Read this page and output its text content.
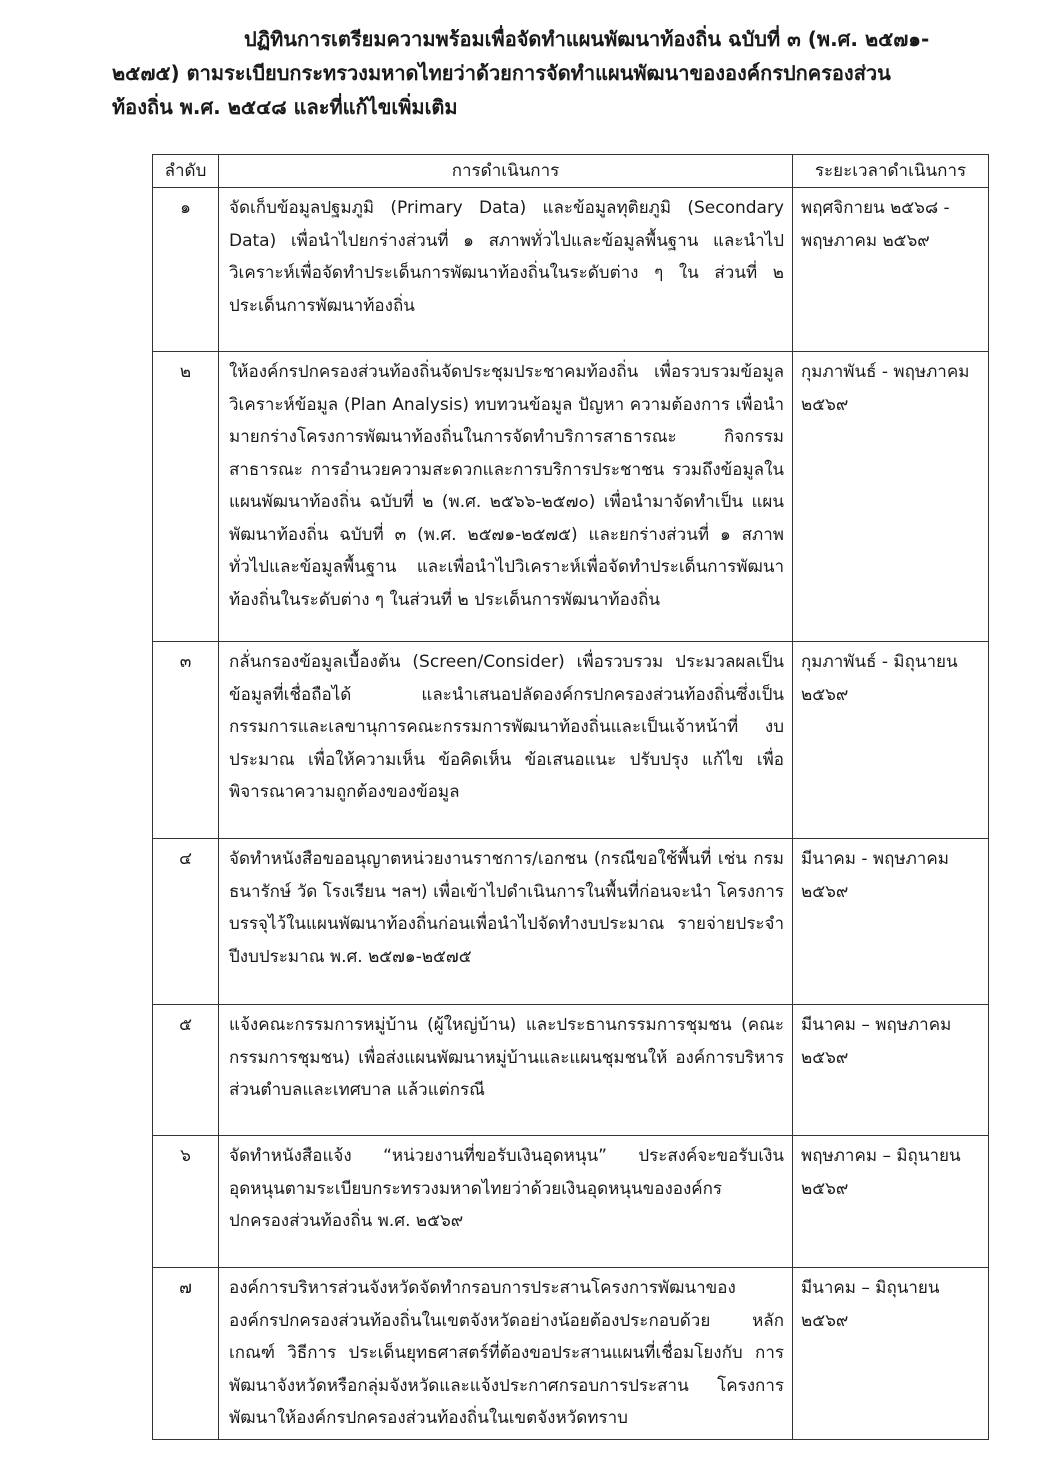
ปฏิทินการเตรียมความพร้อมเพื่อจัดทำแผนพัฒนาท้องถิ่น ฉบับที่ ๓ (พ.ศ. ๒๕๗๑-
๒๕๗๕) ตามระเบียบกระทรวงมหาดไทยว่าด้วยการจัดทำแผนพัฒนาขององค์กรปกครองส่วน
ท้องถิ่น พ.ศ. ๒๕๔๘ และที่แก้ไขเพิ่มเติม
ลำดับ	การดำเนินการ	ระยะเวลาดำเนินการ
๑	จัดเก็บข้อมูลปฐมภูมิ (Primary Data) และข้อมูลทุติยภูมิ (Secondary Data) เพื่อนำไปยกร่างส่วนที่ ๑ สภาพทั่วไปและข้อมูลพื้นฐาน และนำไปวิเคราะห์เพื่อจัดทำประเด็นการพัฒนาท้องถิ่นในระดับต่าง ๆ ใน ส่วนที่ ๒ ประเด็นการพัฒนาท้องถิ่น	พฤศจิกายน ๒๕๖๘ - พฤษภาคม ๒๕๖๙
๒	ให้องค์กรปกครองส่วนท้องถิ่นจัดประชุมประชาคมท้องถิ่น เพื่อรวบรวมข้อมูล วิเคราะห์ข้อมูล (Plan Analysis) ทบทวนข้อมูล ปัญหา ความต้องการ เพื่อนำมายกร่างโครงการพัฒนาท้องถิ่นในการจัดทำบริการสาธารณะ กิจกรรม สาธารณะ การอำนวยความสะดวกและการบริการประชาชน รวมถึงข้อมูลใน แผนพัฒนาท้องถิ่น ฉบับที่ ๒ (พ.ศ. ๒๕๖๖-๒๕๗๐) เพื่อนำมาจัดทำเป็น แผนพัฒนาท้องถิ่น ฉบับที่ ๓ (พ.ศ. ๒๕๗๑-๒๕๗๕) และยกร่างส่วนที่ ๑ สภาพ ทั่วไปและข้อมูลพื้นฐาน และเพื่อนำไปวิเคราะห์เพื่อจัดทำประเด็นการพัฒนา ท้องถิ่นในระดับต่าง ๆ ในส่วนที่ ๒ ประเด็นการพัฒนาท้องถิ่น	กุมภาพันธ์ - พฤษภาคม ๒๕๖๙
๓	กลั่นกรองข้อมูลเบื้องต้น (Screen/Consider) เพื่อรวบรวม ประมวลผลเป็น ข้อมูลที่เชื่อถือได้ และนำเสนอปลัดองค์กรปกครองส่วนท้องถิ่นซึ่งเป็น กรรมการและเลขานุการคณะกรรมการพัฒนาท้องถิ่นและเป็นเจ้าหน้าที่ งบประมาณ เพื่อให้ความเห็น ข้อคิดเห็น ข้อเสนอแนะ ปรับปรุง แก้ไข เพื่อพิจารณาความถูกต้องของข้อมูล	กุมภาพันธ์ - มิถุนายน ๒๕๖๙
๔	จัดทำหนังสือขออนุญาตหน่วยงานราชการ/เอกชน (กรณีขอใช้พื้นที่ เช่น กรมธนารักษ์ วัด โรงเรียน ฯลฯ) เพื่อเข้าไปดำเนินการในพื้นที่ก่อนจะนำ โครงการบรรจุไว้ในแผนพัฒนาท้องถิ่นก่อนเพื่อนำไปจัดทำงบประมาณ รายจ่ายประจำปีงบประมาณ พ.ศ. ๒๕๗๑-๒๕๗๕	มีนาคม - พฤษภาคม ๒๕๖๙
๕	แจ้งคณะกรรมการหมู่บ้าน (ผู้ใหญ่บ้าน) และประธานกรรมการชุมชน (คณะกรรมการชุมชน) เพื่อส่งแผนพัฒนาหมู่บ้านและแผนชุมชนให้ องค์การบริหารส่วนตำบลและเทศบาล แล้วแต่กรณี	มีนาคม – พฤษภาคม ๒๕๖๙
๖	จัดทำหนังสือแจ้ง “หน่วยงานที่ขอรับเงินอุดหนุน” ประสงค์จะขอรับเงิน อุดหนุนตามระเบียบกระทรวงมหาดไทยว่าด้วยเงินอุดหนุนขององค์กร ปกครองส่วนท้องถิ่น พ.ศ. ๒๕๖๙	พฤษภาคม – มิถุนายน ๒๕๖๙
๗	องค์การบริหารส่วนจังหวัดจัดทำกรอบการประสานโครงการพัฒนาของ องค์กรปกครองส่วนท้องถิ่นในเขตจังหวัดอย่างน้อยต้องประกอบด้วย หลักเกณฑ์ วิธีการ ประเด็นยุทธศาสตร์ที่ต้องขอประสานแผนที่เชื่อมโยงกับ การพัฒนาจังหวัดหรือกลุ่มจังหวัดและแจ้งประกาศกรอบการประสาน โครงการพัฒนาให้องค์กรปกครองส่วนท้องถิ่นในเขตจังหวัดทราบ	มีนาคม – มิถุนายน ๒๕๖๙
